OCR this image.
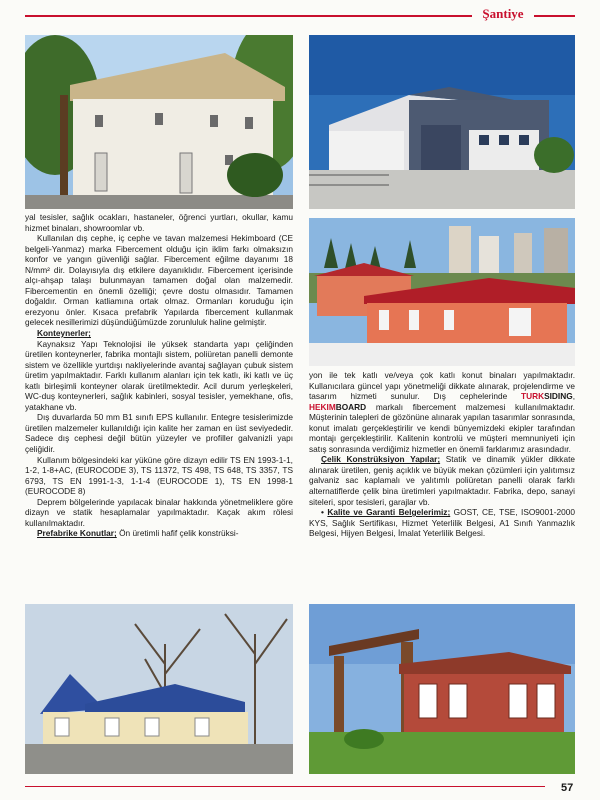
Şantiye

yal tesisler, sağlık ocakları, hastaneler, öğrenci yurtları, okullar, kamu hizmet binaları, showroomlar vb.

Kullanılan dış cephe, iç cephe ve tavan malzemesi Hekimboard (CE belgeli-Yanmaz) marka Fibercement olduğu için iklim farkı olmaksızın konfor ve yangın güvenliği sağlar. Fibercement eğilme dayanımı 18 N/mm² dir. Dolayısıyla dış etkilere dayanıklıdır. Fibercement içerisinde alçı-ahşap talaşı bulunmayan tamamen doğal olan malzemedir. Fibercementin en önemli özelliği; çevre dostu olmasıdır. Tamamen doğaldır. Orman katliamına ortak olmaz. Ormanları koruduğu için erezyonu önler. Kısaca prefabrik Yapılarda fibercement kullanmak gelecek nesillerimizi düşündüğümüzde zorunluluk haline gelmiştir.

Konteynerler;

Kaynaksız Yapı Teknolojisi ile yüksek standarta yapı çeliğinden üretilen konteynerler, fabrika montajlı sistem, poliüretan panelli demonte sistem ve özellikle yurtdışı nakliyelerinde avantaj sağlayan çubuk sistem üretim yapılmaktadır. Farklı kullanım alanları için tek katlı, iki katlı ve üç katlı birleşimli konteyner olarak üretilmektedir. Acil durum yerleşkeleri, WC-duş konteynerleri, sağlık kabinleri, sosyal tesisler, yemekhane, ofis, yatakhane vb.

Dış duvarlarda 50 mm B1 sınıfı EPS kullanılır. Entegre tesislerimizde üretilen malzemeler kullanıldığı için kalite her zaman en üst seviyededir. Sadece dış cephesi değil bütün yüzeyler ve profiller galvanizli yapı çeliğidir.

Kullanım bölgesindeki kar yüküne göre dizayn edilir TS EN 1993-1-1, 1-2, 1-8+AC, (EUROCODE 3), TS 11372, TS 498, TS 648, TS 3357, TS 6793, TS EN 1991-1-3, 1-1-4 (EUROCODE 1), TS EN 1998-1 (EUROCODE 8)

Deprem bölgelerinde yapılacak binalar hakkında yönetmeliklere göre dizayn ve statik hesaplamalar yapılmaktadır. Kaçak akım rölesi kullanılmaktadır.

Prefabrike Konutlar; Ön üretimli hafif çelik konstrüksi-

yon ile tek katlı ve/veya çok katlı konut binaları yapılmaktadır. Kullanıcılara güncel yapı yönetmeliği dikkate alınarak, projelendirme ve tasarım hizmeti sunulur. Dış cephelerinde TURKSIDING, HEKIMBOARD markalı fibercement malzemesi kullanılmaktadır. Müşterinin talepleri de gözönüne alınarak yapılan tasarımlar sonrasında, konut imalatı gerçekleştirilir ve kendi bünyemizdeki ekipler tarafından montajı gerçekleştirilir. Kalitenin kontrolü ve müşteri memnuniyeti için satış sonrasında verdiğimiz hizmetler en önemli farklarımız arasındadır.

Çelik Konstrüksiyon Yapılar; Statik ve dinamik yükler dikkate alınarak üretilen, geniş açıklık ve büyük mekan çözümleri için yalıtımsız galvaniz sac kaplamalı ve yalıtımlı poliüretan panelli olarak farklı alternatiflerde çelik bina üretimleri yapılmaktadır. Fabrika, depo, sanayi siteleri, spor tesisleri, garajlar vb.

• Kalite ve Garanti Belgelerimiz; GOST, CE, TSE, ISO9001-2000 KYS, Sağlık Sertifikası, Hizmet Yeterlilik Belgesi, A1 Sınıfı Yanmazlık Belgesi, Hijyen Belgesi, İmalat Yeterlilik Belgesi.

57
